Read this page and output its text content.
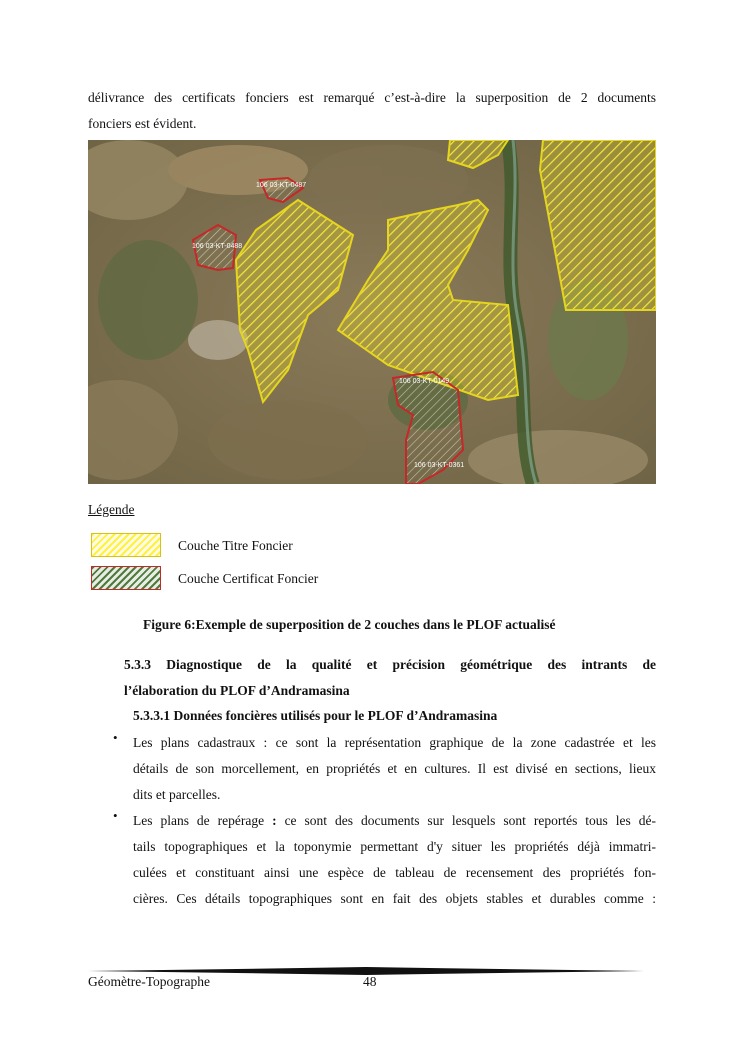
délivrance des certificats fonciers est remarqué c’est-à-dire la superposition de 2 documents
fonciers est évident.
106 03-KT-0487
106 03-KT-0488
106 03-KT-0149
106 03-KT-0361
Légende
Couche Titre Foncier
Couche Certificat Foncier
Figure 6:Exemple de superposition de 2 couches dans le PLOF actualisé
5.3.3 Diagnostique de la qualité et précision géométrique des intrants de
l’élaboration du PLOF d’Andramasina
5.3.3.1 Données foncières utilisés pour le PLOF d’Andramasina
• Les plans cadastraux : ce sont la représentation graphique de la zone cadastrée et les
détails de son morcellement, en propriétés et en cultures. Il est divisé en sections, lieux
dits et parcelles.
• Les plans de repérage : ce sont des documents sur lesquels sont reportés tous les dé-
tails topographiques et la toponymie permettant d'y situer les propriétés déjà immatri-
culées et constituant ainsi une espèce de tableau de recensement des propriétés fon-
cières. Ces détails topographiques sont en fait des objets stables et durables comme :
Géomètre-Topographe	48
